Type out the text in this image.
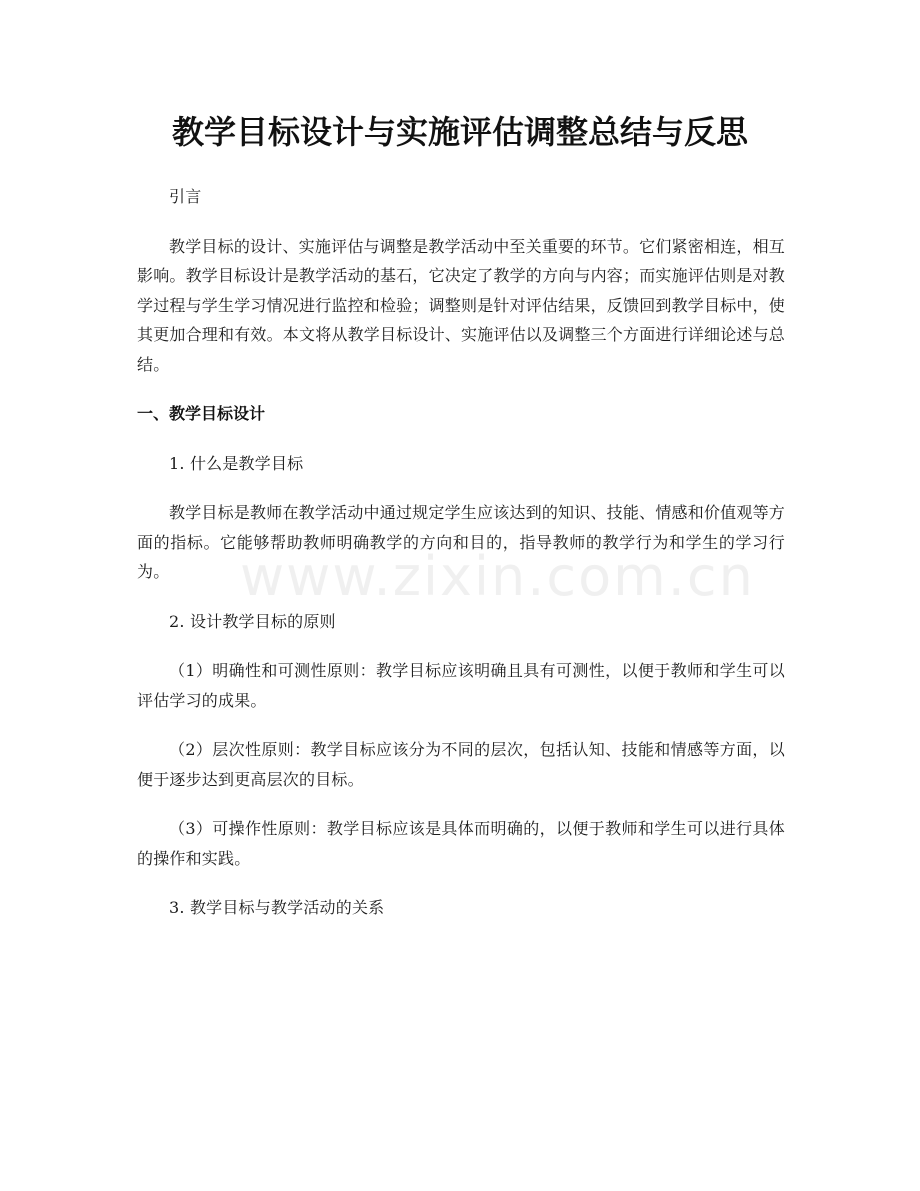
教学目标设计与实施评估调整总结与反思

引言

教学目标的设计、实施评估与调整是教学活动中至关重要的环节。它们紧密相连，相互影响。教学目标设计是教学活动的基石，它决定了教学的方向与内容；而实施评估则是对教学过程与学生学习情况进行监控和检验；调整则是针对评估结果，反馈回到教学目标中，使其更加合理和有效。本文将从教学目标设计、实施评估以及调整三个方面进行详细论述与总结。

一、教学目标设计

1. 什么是教学目标

教学目标是教师在教学活动中通过规定学生应该达到的知识、技能、情感和价值观等方面的指标。它能够帮助教师明确教学的方向和目的，指导教师的教学行为和学生的学习行为。

2. 设计教学目标的原则

（1）明确性和可测性原则：教学目标应该明确且具有可测性，以便于教师和学生可以评估学习的成果。

（2）层次性原则：教学目标应该分为不同的层次，包括认知、技能和情感等方面，以便于逐步达到更高层次的目标。

（3）可操作性原则：教学目标应该是具体而明确的，以便于教师和学生可以进行具体的操作和实践。

3. 教学目标与教学活动的关系

www.zixin.com.cn
